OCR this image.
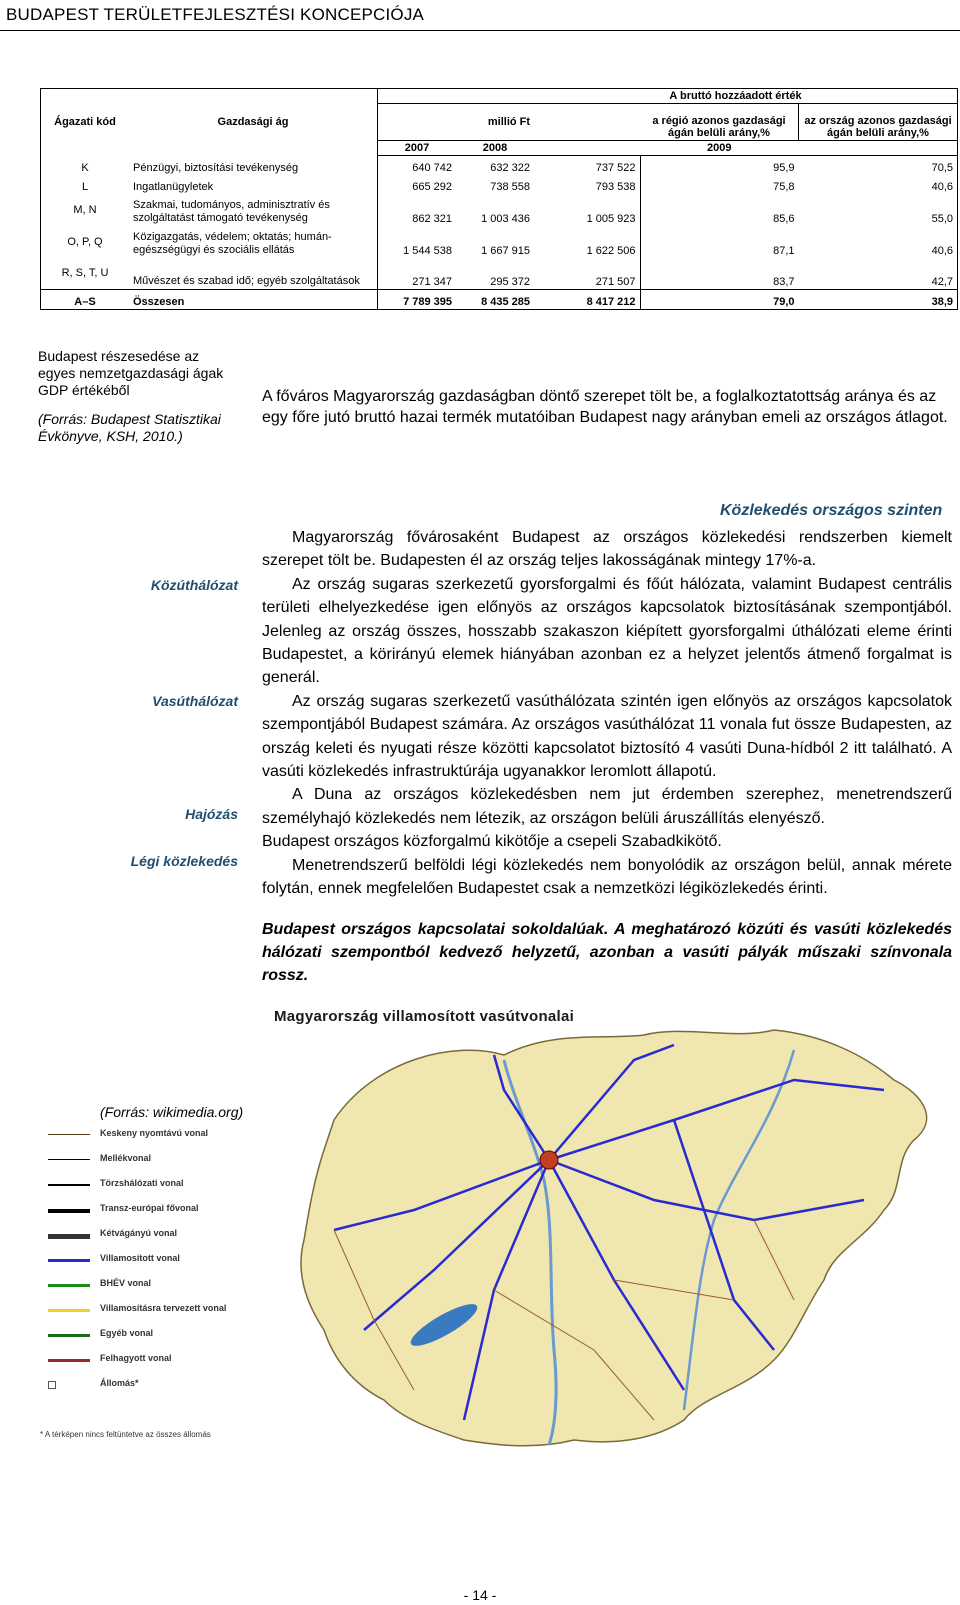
BUDAPEST TERÜLETFEJLESZTÉSI KONCEPCIÓJA
Ágazati kód	Gazdasági ág	A bruttó hozzáadott érték				
		millió Ft			a régió azonos gazdasági ágán belüli arány,%	az ország azonos gazdasági ágán belüli arány,%
		2007	2008		2009	
K	Pénzügyi, biztosítási tevékenység	640 742	632 322	737 522	95,9	70,5
L	Ingatlanügyletek	665 292	738 558	793 538	75,8	40,6
M, N	Szakmai, tudományos, adminisztratív és szolgáltatást támogató tevékenység	862 321	1 003 436	1 005 923	85,6	55,0
O, P, Q	Közigazgatás, védelem; oktatás; humán-egészségügyi és szociális ellátás	1 544 538	1 667 915	1 622 506	87,1	40,6
R, S, T, U	Művészet és szabad idő; egyéb szolgáltatások	271 347	295 372	271 507	83,7	42,7
A–S	Összesen	7 789 395	8 435 285	8 417 212	79,0	38,9
Budapest részesedése az egyes nemzetgazdasági ágak GDP értékéből
(Forrás: Budapest Statisztikai Évkönyve, KSH, 2010.)
A főváros Magyarország gazdaságban döntő szerepet tölt be, a foglalkoztatottság aránya és az egy főre jutó bruttó hazai termék mutatóiban Budapest nagy arányban emeli az országos átlagot.
Közlekedés országos szinten
Közúthálózat
Vasúthálózat
Hajózás
Légi közlekedés

Magyarország fővárosaként Budapest az országos közlekedési rendszerben kiemelt szerepet tölt be. Budapesten él az ország teljes lakosságának mintegy 17%-a.

Az ország sugaras szerkezetű gyorsforgalmi és főút hálózata, valamint Budapest centrális területi elhelyezkedése igen előnyös az országos kapcsolatok biztosításának szempontjából. Jelenleg az ország összes, hosszabb szakaszon kiépített gyorsforgalmi úthálózati eleme érinti Budapestet, a körirányú elemek hiányában azonban ez a helyzet jelentős átmenő forgalmat is generál.

Az ország sugaras szerkezetű vasúthálózata szintén igen előnyös az országos kapcsolatok szempontjából Budapest számára. Az országos vasúthálózat 11 vonala fut össze Budapesten, az ország keleti és nyugati része közötti kapcsolatot biztosító 4 vasúti Duna-hídból 2 itt található. A vasúti közlekedés infrastruktúrája ugyanakkor leromlott állapotú.

A Duna az országos közlekedésben nem jut érdemben szerephez, menetrendszerű személyhajó közlekedés nem létezik, az országon belüli áruszállítás elenyésző.

Budapest országos közforgalmú kikötője a csepeli Szabadkikötő.

Menetrendszerű belföldi légi közlekedés nem bonyolódik az országon belül, annak mérete folytán, ennek megfelelően Budapestet csak a nemzetközi légiközlekedés érinti.

Budapest országos kapcsolatai sokoldalúak. A meghatározó közúti és vasúti közlekedés hálózati szempontból kedvező helyzetű, azonban a vasúti pályák műszaki színvonala rossz.
Magyarország villamosított vasútvonalai
(Forrás: wikimedia.org)
Keskeny nyomtávú vonal
Mellékvonal
Törzshálózati vonal
Transz-európai fővonal
Kétvágányú vonal
Villamosított vonal
BHÉV vonal
Villamosításra tervezett vonal
Egyéb vonal
Felhagyott vonal
Állomás*
* A térképen nincs feltüntetve az összes állomás
- 14 -
